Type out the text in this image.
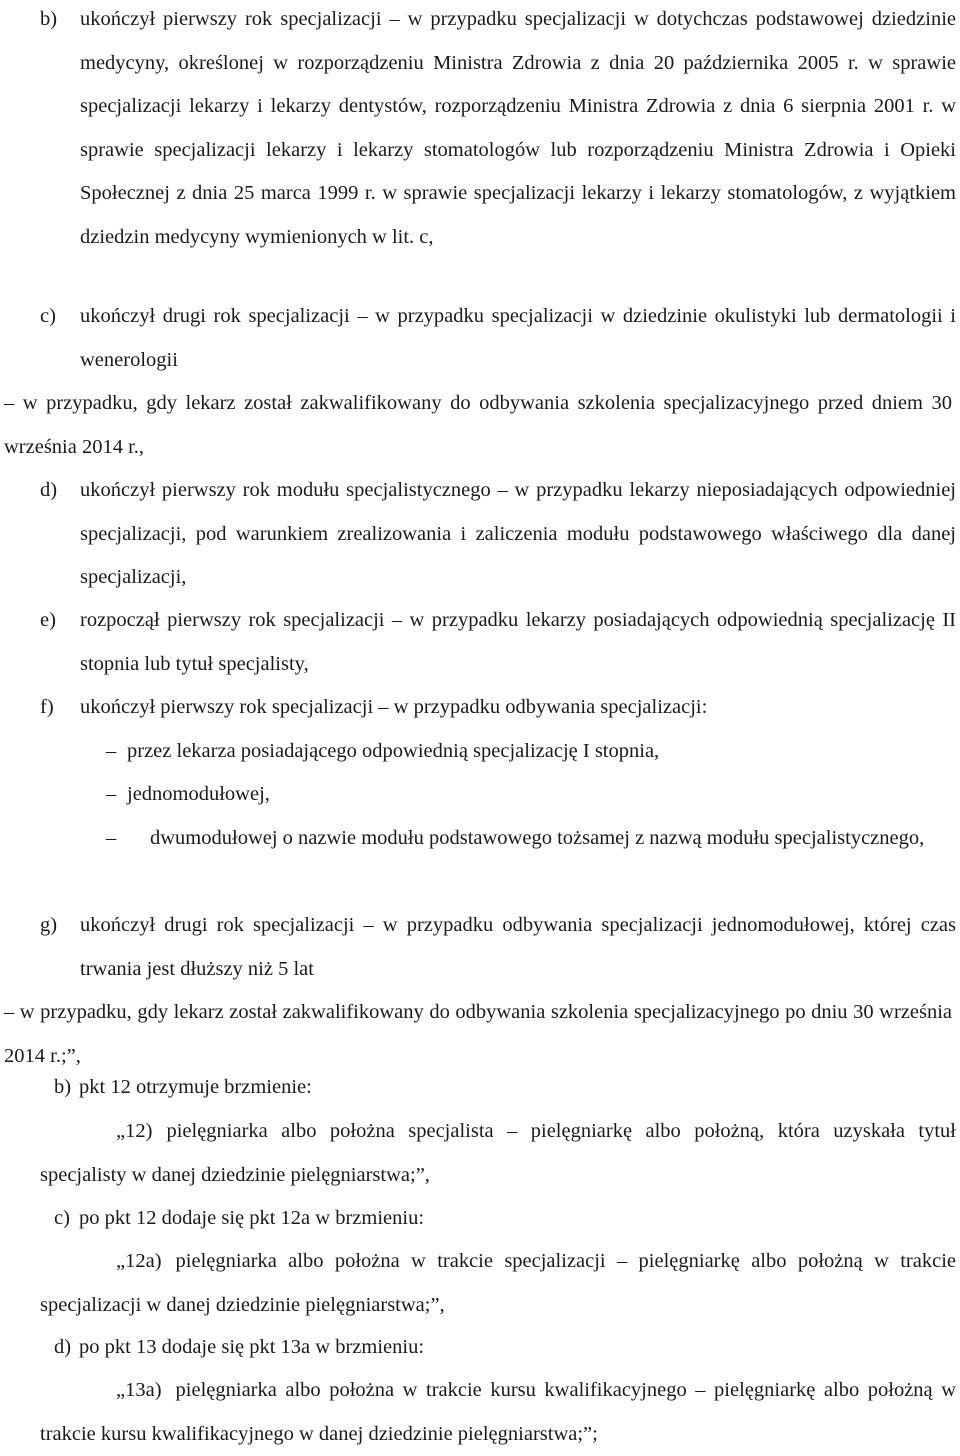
b)	ukończył pierwszy rok specjalizacji – w przypadku specjalizacji w dotychczas podstawowej dziedzinie medycyny, określonej w rozporządzeniu Ministra Zdrowia z dnia 20 października 2005 r. w sprawie specjalizacji lekarzy i lekarzy dentystów, rozporządzeniu Ministra Zdrowia z dnia 6 sierpnia 2001 r. w sprawie specjalizacji lekarzy i lekarzy stomatologów lub rozporządzeniu Ministra Zdrowia i Opieki Społecznej z dnia 25 marca 1999 r. w sprawie specjalizacji lekarzy i lekarzy stomatologów, z wyjątkiem dziedzin medycyny wymienionych w lit. c,
c)	ukończył drugi rok specjalizacji – w przypadku specjalizacji w dziedzinie okulistyki lub dermatologii i wenerologii
– w przypadku, gdy lekarz został zakwalifikowany do odbywania szkolenia specjalizacyjnego przed dniem 30 września 2014 r.,
d)	ukończył pierwszy rok modułu specjalistycznego – w przypadku lekarzy nieposiadających odpowiedniej specjalizacji, pod warunkiem zrealizowania i zaliczenia modułu podstawowego właściwego dla danej specjalizacji,
e)	rozpoczął pierwszy rok specjalizacji – w przypadku lekarzy posiadających odpowiednią specjalizację II stopnia lub tytuł specjalisty,
f)	ukończył pierwszy rok specjalizacji – w przypadku odbywania specjalizacji:
– przez lekarza posiadającego odpowiednią specjalizację I stopnia,
– jednomodułowej,
–	dwumodułowej o nazwie modułu podstawowego tożsamej z nazwą modułu specjalistycznego,
g)	ukończył drugi rok specjalizacji – w przypadku odbywania specjalizacji jednomodułowej, której czas trwania jest dłuższy niż 5 lat
– w przypadku, gdy lekarz został zakwalifikowany do odbywania szkolenia specjalizacyjnego po dniu 30 września 2014 r.;”,
b) pkt 12 otrzymuje brzmienie:
„12) pielęgniarka albo położna specjalista – pielęgniarkę albo położną, która uzyskała tytuł specjalisty w danej dziedzinie pielęgniarstwa;”,
c) po pkt 12 dodaje się pkt 12a w brzmieniu:
„12a) pielęgniarka albo położna w trakcie specjalizacji – pielęgniarkę albo położną w trakcie specjalizacji w danej dziedzinie pielęgniarstwa;”,
d) po pkt 13 dodaje się pkt 13a w brzmieniu:
„13a) pielęgniarka albo położna w trakcie kursu kwalifikacyjnego – pielęgniarkę albo położną w trakcie kursu kwalifikacyjnego w danej dziedzinie pielęgniarstwa;”;
